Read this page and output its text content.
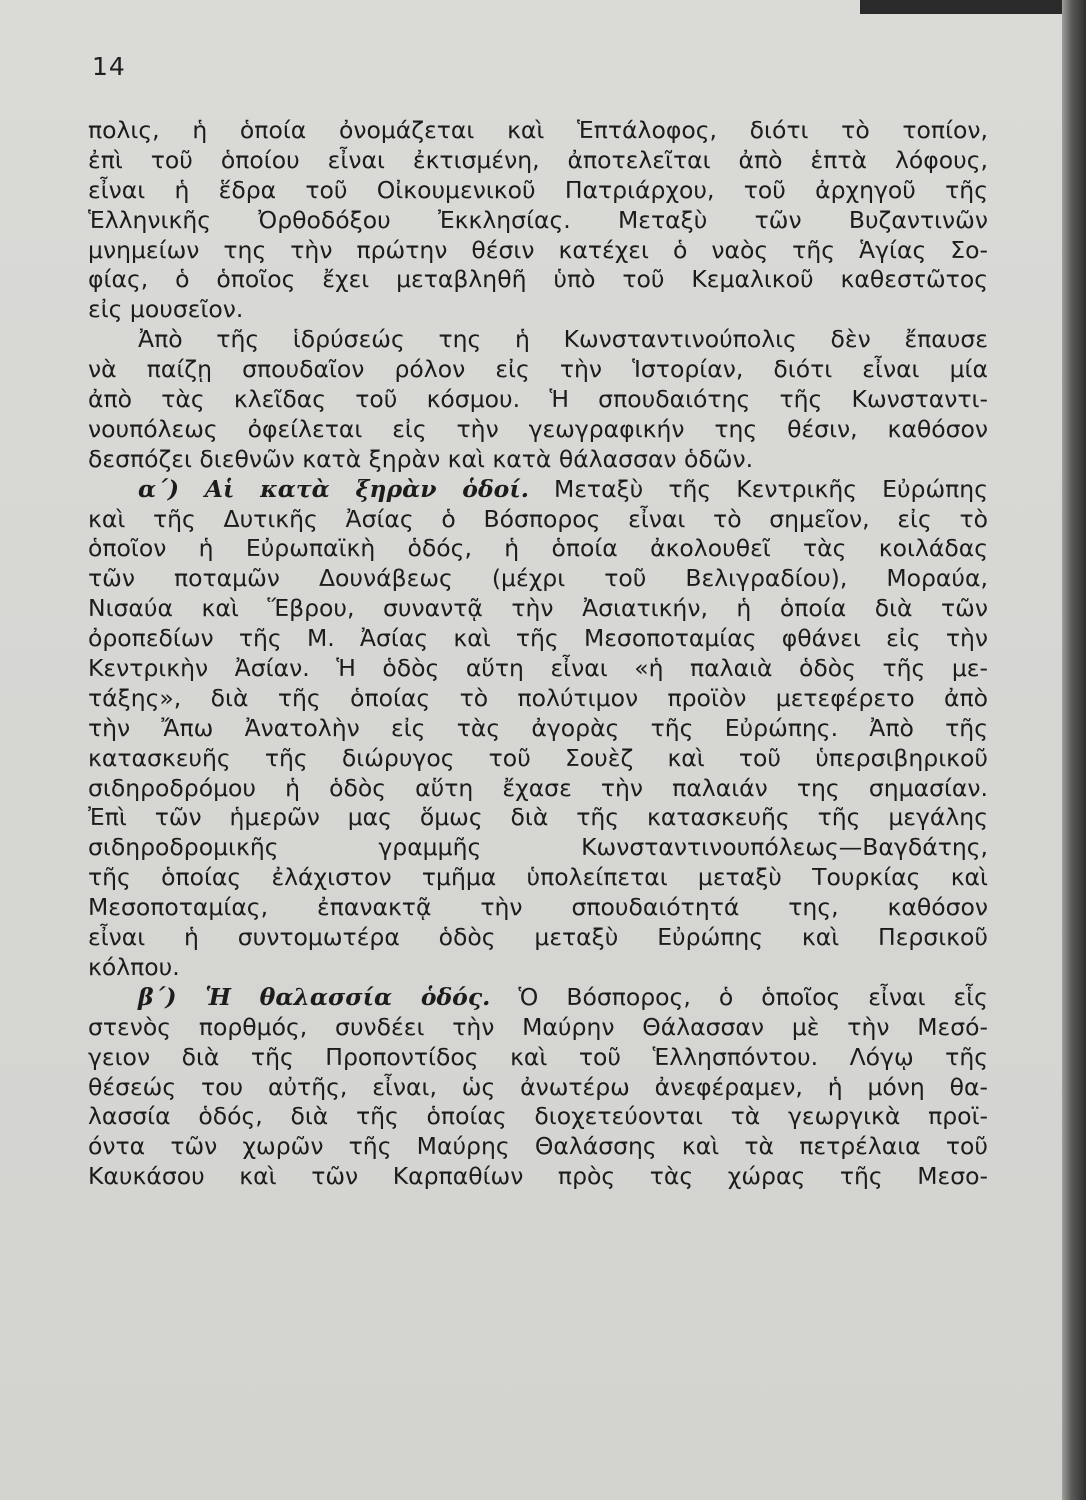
14
πολις, ἡ ὁποία ὀνομάζεται καὶ Ἑπτάλοφος, διότι τὸ τοπίον,
ἐπὶ τοῦ ὁποίου εἶναι ἐκτισμένη, ἀποτελεῖται ἀπὸ ἑπτὰ λόφους,
εἶναι ἡ ἕδρα τοῦ Οἰκουμενικοῦ Πατριάρχου, τοῦ ἀρχηγοῦ τῆς
Ἑλληνικῆς Ὀρθοδόξου Ἐκκλησίας. Μεταξὺ τῶν Βυζαντινῶν
μνημείων της τὴν πρώτην θέσιν κατέχει ὁ ναὸς τῆς Ἁγίας Σο-
φίας, ὁ ὁποῖος ἔχει μεταβληθῆ ὑπὸ τοῦ Κεμαλικοῦ καθεστῶτος
εἰς μουσεῖον.
Ἀπὸ τῆς ἱδρύσεώς της ἡ Κωνσταντινούπολις δὲν ἔπαυσε
νὰ παίζῃ σπουδαῖον ρόλον εἰς τὴν Ἱστορίαν, διότι εἶναι μία
ἀπὸ τὰς κλεῖδας τοῦ κόσμου. Ἡ σπουδαιότης τῆς Κωνσταντι-
νουπόλεως ὀφείλεται εἰς τὴν γεωγραφικήν της θέσιν, καθόσον
δεσπόζει διεθνῶν κατὰ ξηρὰν καὶ κατὰ θάλασσαν ὁδῶν.
α΄) Αἱ κατὰ ξηρὰν ὁδοί. Μεταξὺ τῆς Κεντρικῆς Εὐρώπης
καὶ τῆς Δυτικῆς Ἀσίας ὁ Βόσπορος εἶναι τὸ σημεῖον, εἰς τὸ
ὁποῖον ἡ Εὐρωπαϊκὴ ὁδός, ἡ ὁποία ἀκολουθεῖ τὰς κοιλάδας
τῶν ποταμῶν Δουνάβεως (μέχρι τοῦ Βελιγραδίου), Μοραύα,
Νισαύα καὶ Ἕβρου, συναντᾷ τὴν Ἀσιατικήν, ἡ ὁποία διὰ τῶν
ὀροπεδίων τῆς Μ. Ἀσίας καὶ τῆς Μεσοποταμίας φθάνει εἰς τὴν
Κεντρικὴν Ἀσίαν. Ἡ ὁδὸς αὕτη εἶναι «ἡ παλαιὰ ὁδὸς τῆς με-
τάξης», διὰ τῆς ὁποίας τὸ πολύτιμον προϊὸν μετεφέρετο ἀπὸ
τὴν Ἄπω Ἀνατολὴν εἰς τὰς ἀγορὰς τῆς Εὐρώπης. Ἀπὸ τῆς
κατασκευῆς τῆς διώρυγος τοῦ Σουὲζ καὶ τοῦ ὑπερσιβηρικοῦ
σιδηροδρόμου ἡ ὁδὸς αὕτη ἔχασε τὴν παλαιάν της σημασίαν.
Ἐπὶ τῶν ἡμερῶν μας ὅμως διὰ τῆς κατασκευῆς τῆς μεγάλης
σιδηροδρομικῆς γραμμῆς Κωνσταντινουπόλεως—Βαγδάτης,
τῆς ὁποίας ἐλάχιστον τμῆμα ὑπολείπεται μεταξὺ Τουρκίας καὶ
Μεσοποταμίας, ἐπανακτᾷ τὴν σπουδαιότητά της, καθόσον
εἶναι ἡ συντομωτέρα ὁδὸς μεταξὺ Εὐρώπης καὶ Περσικοῦ
κόλπου.
β΄) Ἡ θαλασσία ὁδός. Ὁ Βόσπορος, ὁ ὁποῖος εἶναι εἷς
στενὸς πορθμός, συνδέει τὴν Μαύρην Θάλασσαν μὲ τὴν Μεσό-
γειον διὰ τῆς Προποντίδος καὶ τοῦ Ἑλλησπόντου. Λόγῳ τῆς
θέσεώς του αὐτῆς, εἶναι, ὡς ἀνωτέρω ἀνεφέραμεν, ἡ μόνη θα-
λασσία ὁδός, διὰ τῆς ὁποίας διοχετεύονται τὰ γεωργικὰ προϊ-
όντα τῶν χωρῶν τῆς Μαύρης Θαλάσσης καὶ τὰ πετρέλαια τοῦ
Καυκάσου καὶ τῶν Καρπαθίων πρὸς τὰς χώρας τῆς Μεσο-
